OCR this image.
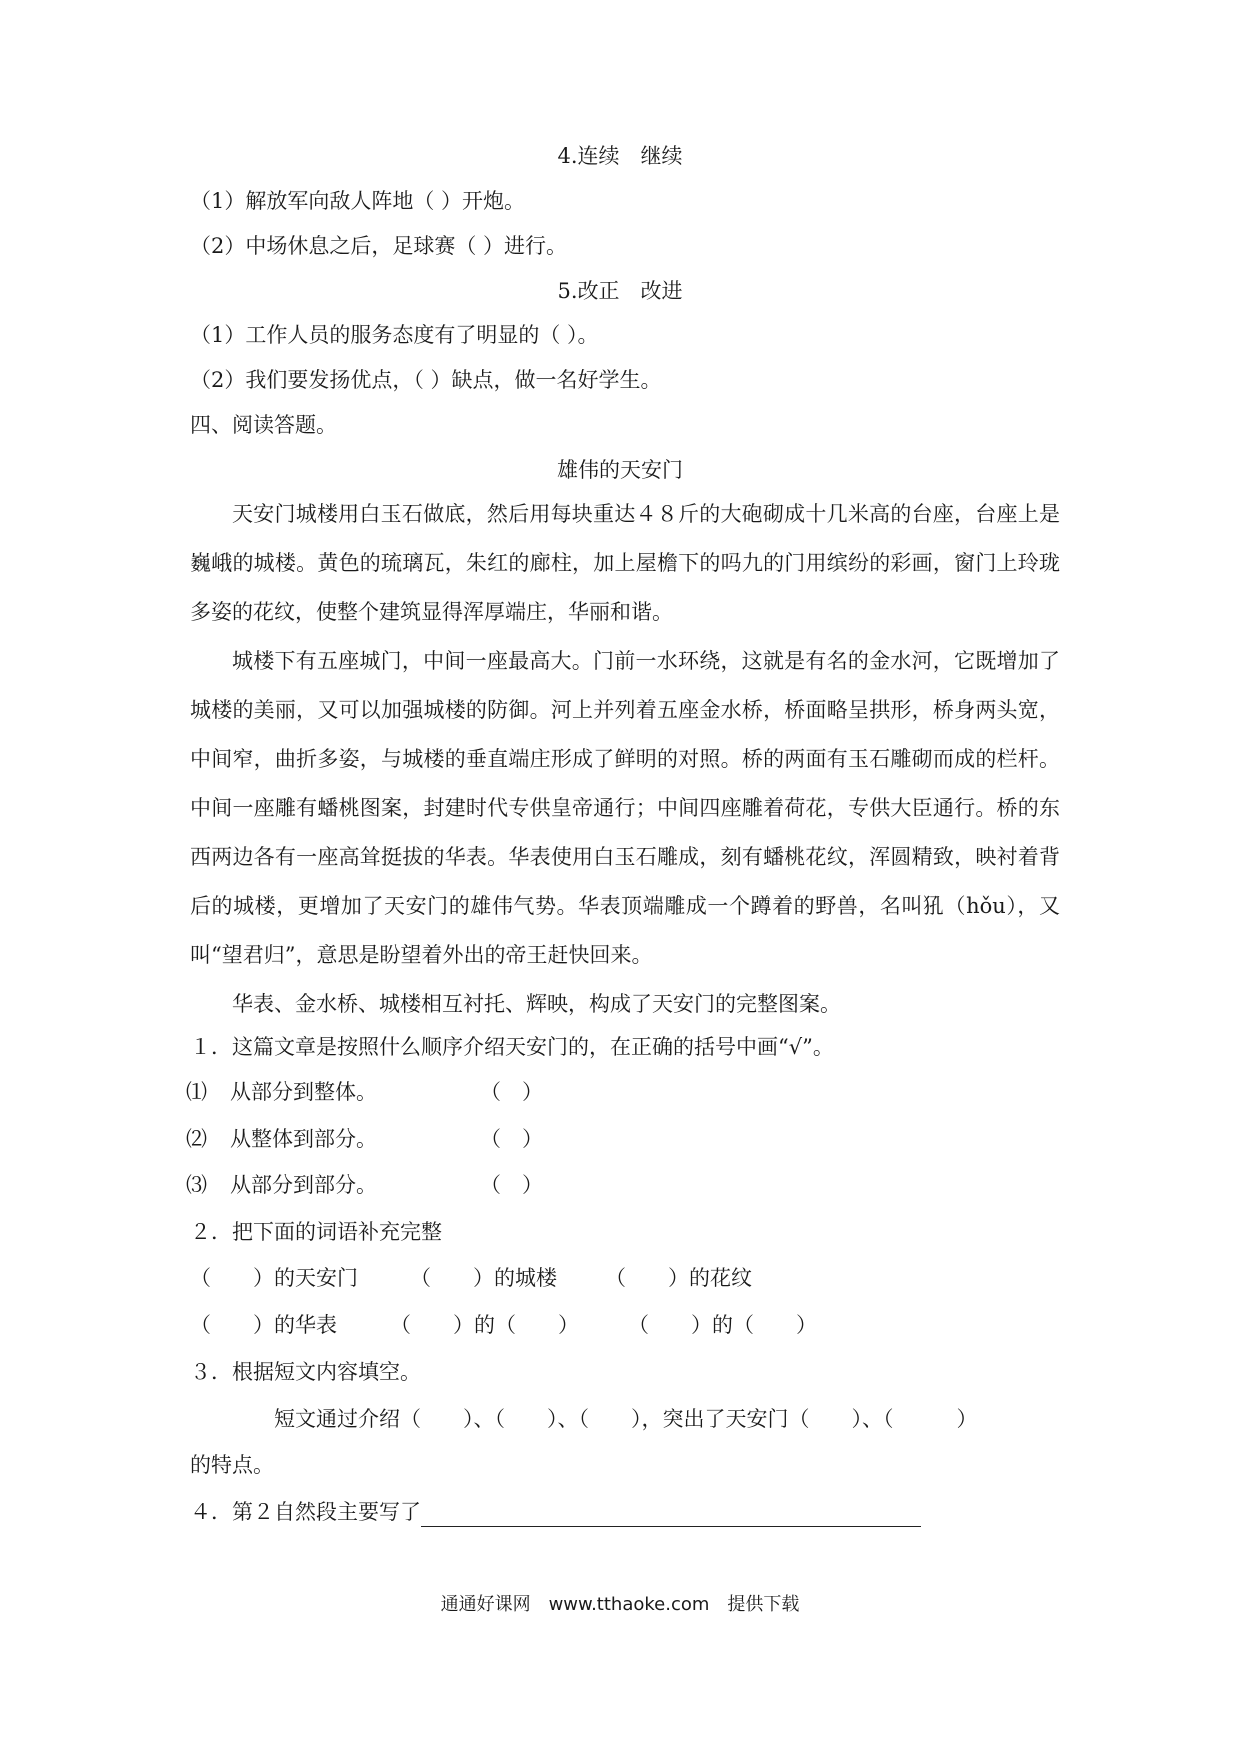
4.连续　继续
（1）解放军向敌人阵地（ ）开炮。
（2）中场休息之后，足球赛（ ）进行。
5.改正　改进
（1）工作人员的服务态度有了明显的（ ）。
（2）我们要发扬优点，（ ）缺点，做一名好学生。
四、阅读答题。
雄伟的天安门
天安门城楼用白玉石做底，然后用每块重达４８斤的大砲砌成十几米高的台座，台座上是巍峨的城楼。黄色的琉璃瓦，朱红的廊柱，加上屋檐下的吗九的门用缤纷的彩画，窗门上玲珑多姿的花纹，使整个建筑显得浑厚端庄，华丽和谐。
城楼下有五座城门，中间一座最高大。门前一水环绕，这就是有名的金水河，它既增加了城楼的美丽，又可以加强城楼的防御。河上并列着五座金水桥，桥面略呈拱形，桥身两头宽，中间窄，曲折多姿，与城楼的垂直端庄形成了鲜明的对照。桥的两面有玉石雕砌而成的栏杆。中间一座雕有蟠桃图案，封建时代专供皇帝通行；中间四座雕着荷花，专供大臣通行。桥的东西两边各有一座高耸挺拔的华表。华表使用白玉石雕成，刻有蟠桃花纹，浑圆精致，映衬着背后的城楼，更增加了天安门的雄伟气势。华表顶端雕成一个蹲着的野兽，名叫犼（hǒu），又叫“望君归”，意思是盼望着外出的帝王赶快回来。
华表、金水桥、城楼相互衬托、辉映，构成了天安门的完整图案。
１．这篇文章是按照什么顺序介绍天安门的，在正确的括号中画“√”。
⑴ 从部分到整体。	（　）
⑵ 从整体到部分。	（　）
⑶ 从部分到部分。	（　）
２．把下面的词语补充完整
（　　）的天安门 （　　）的城楼 （　　）的花纹
（　　）的华表	（　　）的（　　） （　　）的（　　）
３．根据短文内容填空。
短文通过介绍（　　）、（　　）、（　　），突出了天安门（　　）、（　　　）
的特点。
４．第２自然段主要写了
通通好课网　www.tthaoke.com　提供下载
